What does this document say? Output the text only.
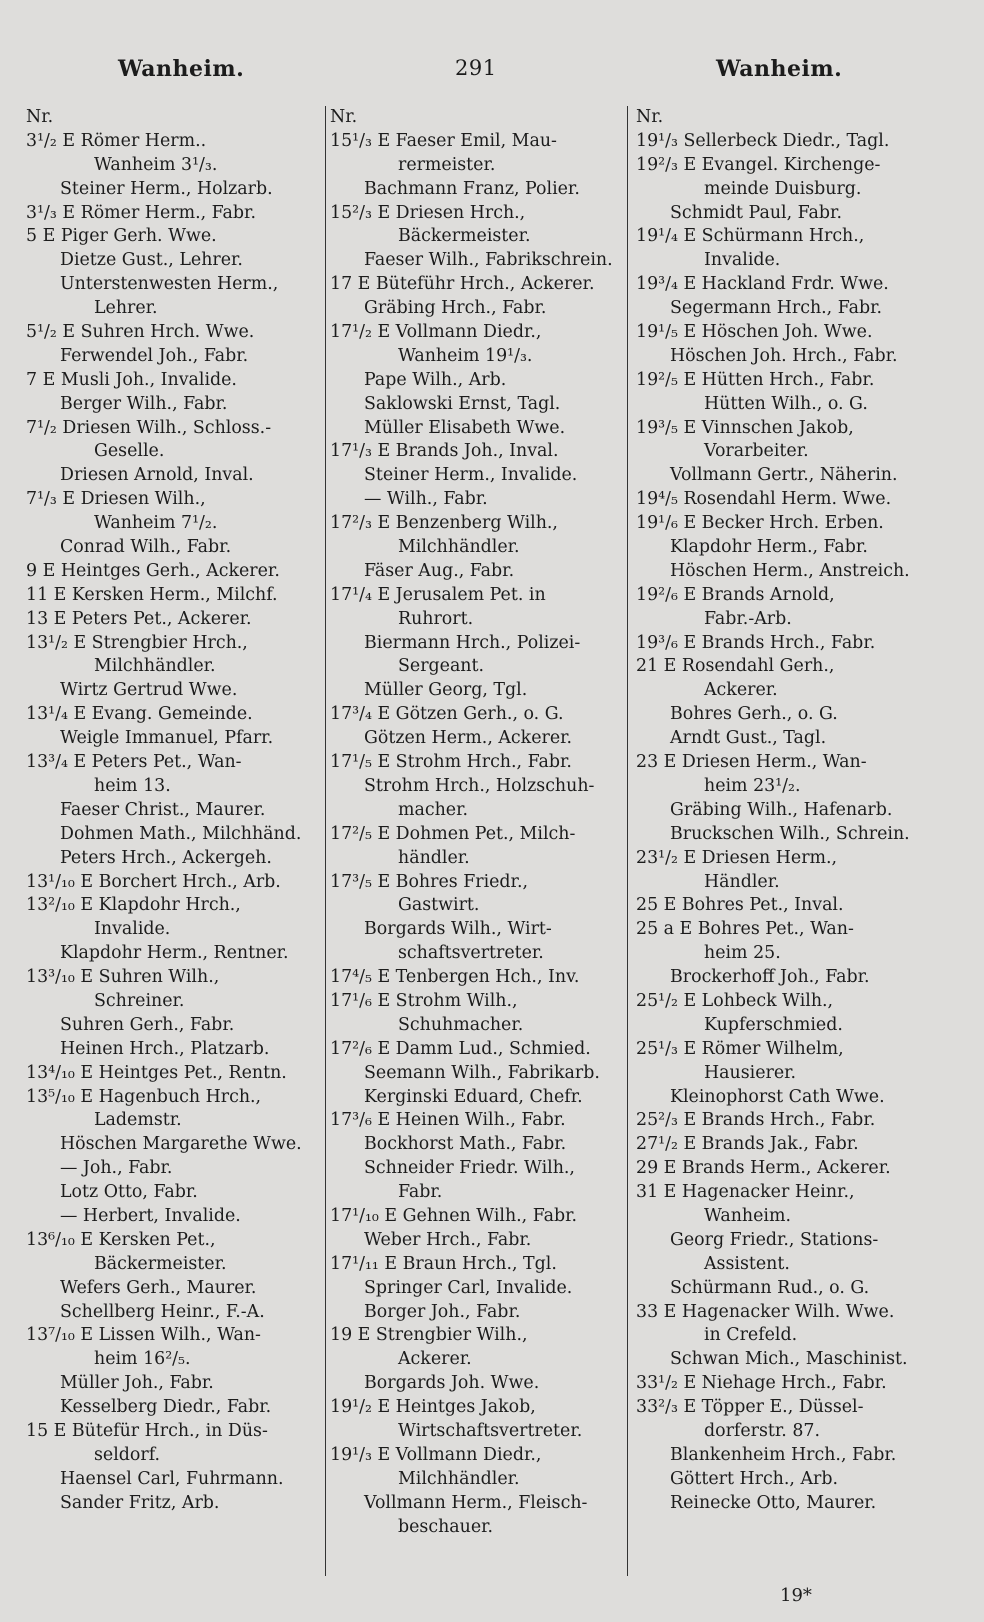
Wanheim.	291	Wanheim.
Nr.
3¹/₂ E Römer Herm..
Wanheim 3¹/₃.
Steiner Herm., Holzarb.
3¹/₃ E Römer Herm., Fabr.
5 E Piger Gerh. Wwe.
Dietze Gust., Lehrer.
Unterstenwesten Herm.,
Lehrer.
5¹/₂ E Suhren Hrch. Wwe.
Ferwendel Joh., Fabr.
7 E Musli Joh., Invalide.
Berger Wilh., Fabr.
7¹/₂ Driesen Wilh., Schloss.-
Geselle.
Driesen Arnold, Inval.
7¹/₃ E Driesen Wilh.,
Wanheim 7¹/₂.
Conrad Wilh., Fabr.
9 E Heintges Gerh., Ackerer.
11 E Kersken Herm., Milchf.
13 E Peters Pet., Ackerer.
13¹/₂ E Strengbier Hrch.,
Milchhändler.
Wirtz Gertrud Wwe.
13¹/₄ E Evang. Gemeinde.
Weigle Immanuel, Pfarr.
13³/₄ E Peters Pet., Wan-
heim 13.
Faeser Christ., Maurer.
Dohmen Math., Milchhänd.
Peters Hrch., Ackergeh.
13¹/₁₀ E Borchert Hrch., Arb.
13²/₁₀ E Klapdohr Hrch.,
Invalide.
Klapdohr Herm., Rentner.
13³/₁₀ E Suhren Wilh.,
Schreiner.
Suhren Gerh., Fabr.
Heinen Hrch., Platzarb.
13⁴/₁₀ E Heintges Pet., Rentn.
13⁵/₁₀ E Hagenbuch Hrch.,
Lademstr.
Höschen Margarethe Wwe.
— Joh., Fabr.
Lotz Otto, Fabr.
— Herbert, Invalide.
13⁶/₁₀ E Kersken Pet.,
Bäckermeister.
Wefers Gerh., Maurer.
Schellberg Heinr., F.-A.
13⁷/₁₀ E Lissen Wilh., Wan-
heim 16²/₅.
Müller Joh., Fabr.
Kesselberg Diedr., Fabr.
15 E Bütefür Hrch., in Düs-
seldorf.
Haensel Carl, Fuhrmann.
Sander Fritz, Arb.
Nr.
15¹/₃ E Faeser Emil, Mau-
rermeister.
Bachmann Franz, Polier.
15²/₃ E Driesen Hrch.,
Bäckermeister.
Faeser Wilh., Fabrikschrein.
17 E Büteführ Hrch., Ackerer.
Gräbing Hrch., Fabr.
17¹/₂ E Vollmann Diedr.,
Wanheim 19¹/₃.
Pape Wilh., Arb.
Saklowski Ernst, Tagl.
Müller Elisabeth Wwe.
17¹/₃ E Brands Joh., Inval.
Steiner Herm., Invalide.
— Wilh., Fabr.
17²/₃ E Benzenberg Wilh.,
Milchhändler.
Fäser Aug., Fabr.
17¹/₄ E Jerusalem Pet. in
Ruhrort.
Biermann Hrch., Polizei-
Sergeant.
Müller Georg, Tgl.
17³/₄ E Götzen Gerh., o. G.
Götzen Herm., Ackerer.
17¹/₅ E Strohm Hrch., Fabr.
Strohm Hrch., Holzschuh-
macher.
17²/₅ E Dohmen Pet., Milch-
händler.
17³/₅ E Bohres Friedr.,
Gastwirt.
Borgards Wilh., Wirt-
schaftsvertreter.
17⁴/₅ E Tenbergen Hch., Inv.
17¹/₆ E Strohm Wilh.,
Schuhmacher.
17²/₆ E Damm Lud., Schmied.
Seemann Wilh., Fabrikarb.
Kerginski Eduard, Chefr.
17³/₆ E Heinen Wilh., Fabr.
Bockhorst Math., Fabr.
Schneider Friedr. Wilh.,
Fabr.
17¹/₁₀ E Gehnen Wilh., Fabr.
Weber Hrch., Fabr.
17¹/₁₁ E Braun Hrch., Tgl.
Springer Carl, Invalide.
Borger Joh., Fabr.
19 E Strengbier Wilh.,
Ackerer.
Borgards Joh. Wwe.
19¹/₂ E Heintges Jakob,
Wirtschaftsvertreter.
19¹/₃ E Vollmann Diedr.,
Milchhändler.
Vollmann Herm., Fleisch-
beschauer.
Nr.
19¹/₃ Sellerbeck Diedr., Tagl.
19²/₃ E Evangel. Kirchenge-
meinde Duisburg.
Schmidt Paul, Fabr.
19¹/₄ E Schürmann Hrch.,
Invalide.
19³/₄ E Hackland Frdr. Wwe.
Segermann Hrch., Fabr.
19¹/₅ E Höschen Joh. Wwe.
Höschen Joh. Hrch., Fabr.
19²/₅ E Hütten Hrch., Fabr.
Hütten Wilh., o. G.
19³/₅ E Vinnschen Jakob,
Vorarbeiter.
Vollmann Gertr., Näherin.
19⁴/₅ Rosendahl Herm. Wwe.
19¹/₆ E Becker Hrch. Erben.
Klapdohr Herm., Fabr.
Höschen Herm., Anstreich.
19²/₆ E Brands Arnold,
Fabr.-Arb.
19³/₆ E Brands Hrch., Fabr.
21 E Rosendahl Gerh.,
Ackerer.
Bohres Gerh., o. G.
Arndt Gust., Tagl.
23 E Driesen Herm., Wan-
heim 23¹/₂.
Gräbing Wilh., Hafenarb.
Bruckschen Wilh., Schrein.
23¹/₂ E Driesen Herm.,
Händler.
25 E Bohres Pet., Inval.
25 a E Bohres Pet., Wan-
heim 25.
Brockerhoff Joh., Fabr.
25¹/₂ E Lohbeck Wilh.,
Kupferschmied.
25¹/₃ E Römer Wilhelm,
Hausierer.
Kleinophorst Cath Wwe.
25²/₃ E Brands Hrch., Fabr.
27¹/₂ E Brands Jak., Fabr.
29 E Brands Herm., Ackerer.
31 E Hagenacker Heinr.,
Wanheim.
Georg Friedr., Stations-
Assistent.
Schürmann Rud., o. G.
33 E Hagenacker Wilh. Wwe.
in Crefeld.
Schwan Mich., Maschinist.
33¹/₂ E Niehage Hrch., Fabr.
33²/₃ E Töpper E., Düssel-
dorferstr. 87.
Blankenheim Hrch., Fabr.
Göttert Hrch., Arb.
Reinecke Otto, Maurer.
19*
